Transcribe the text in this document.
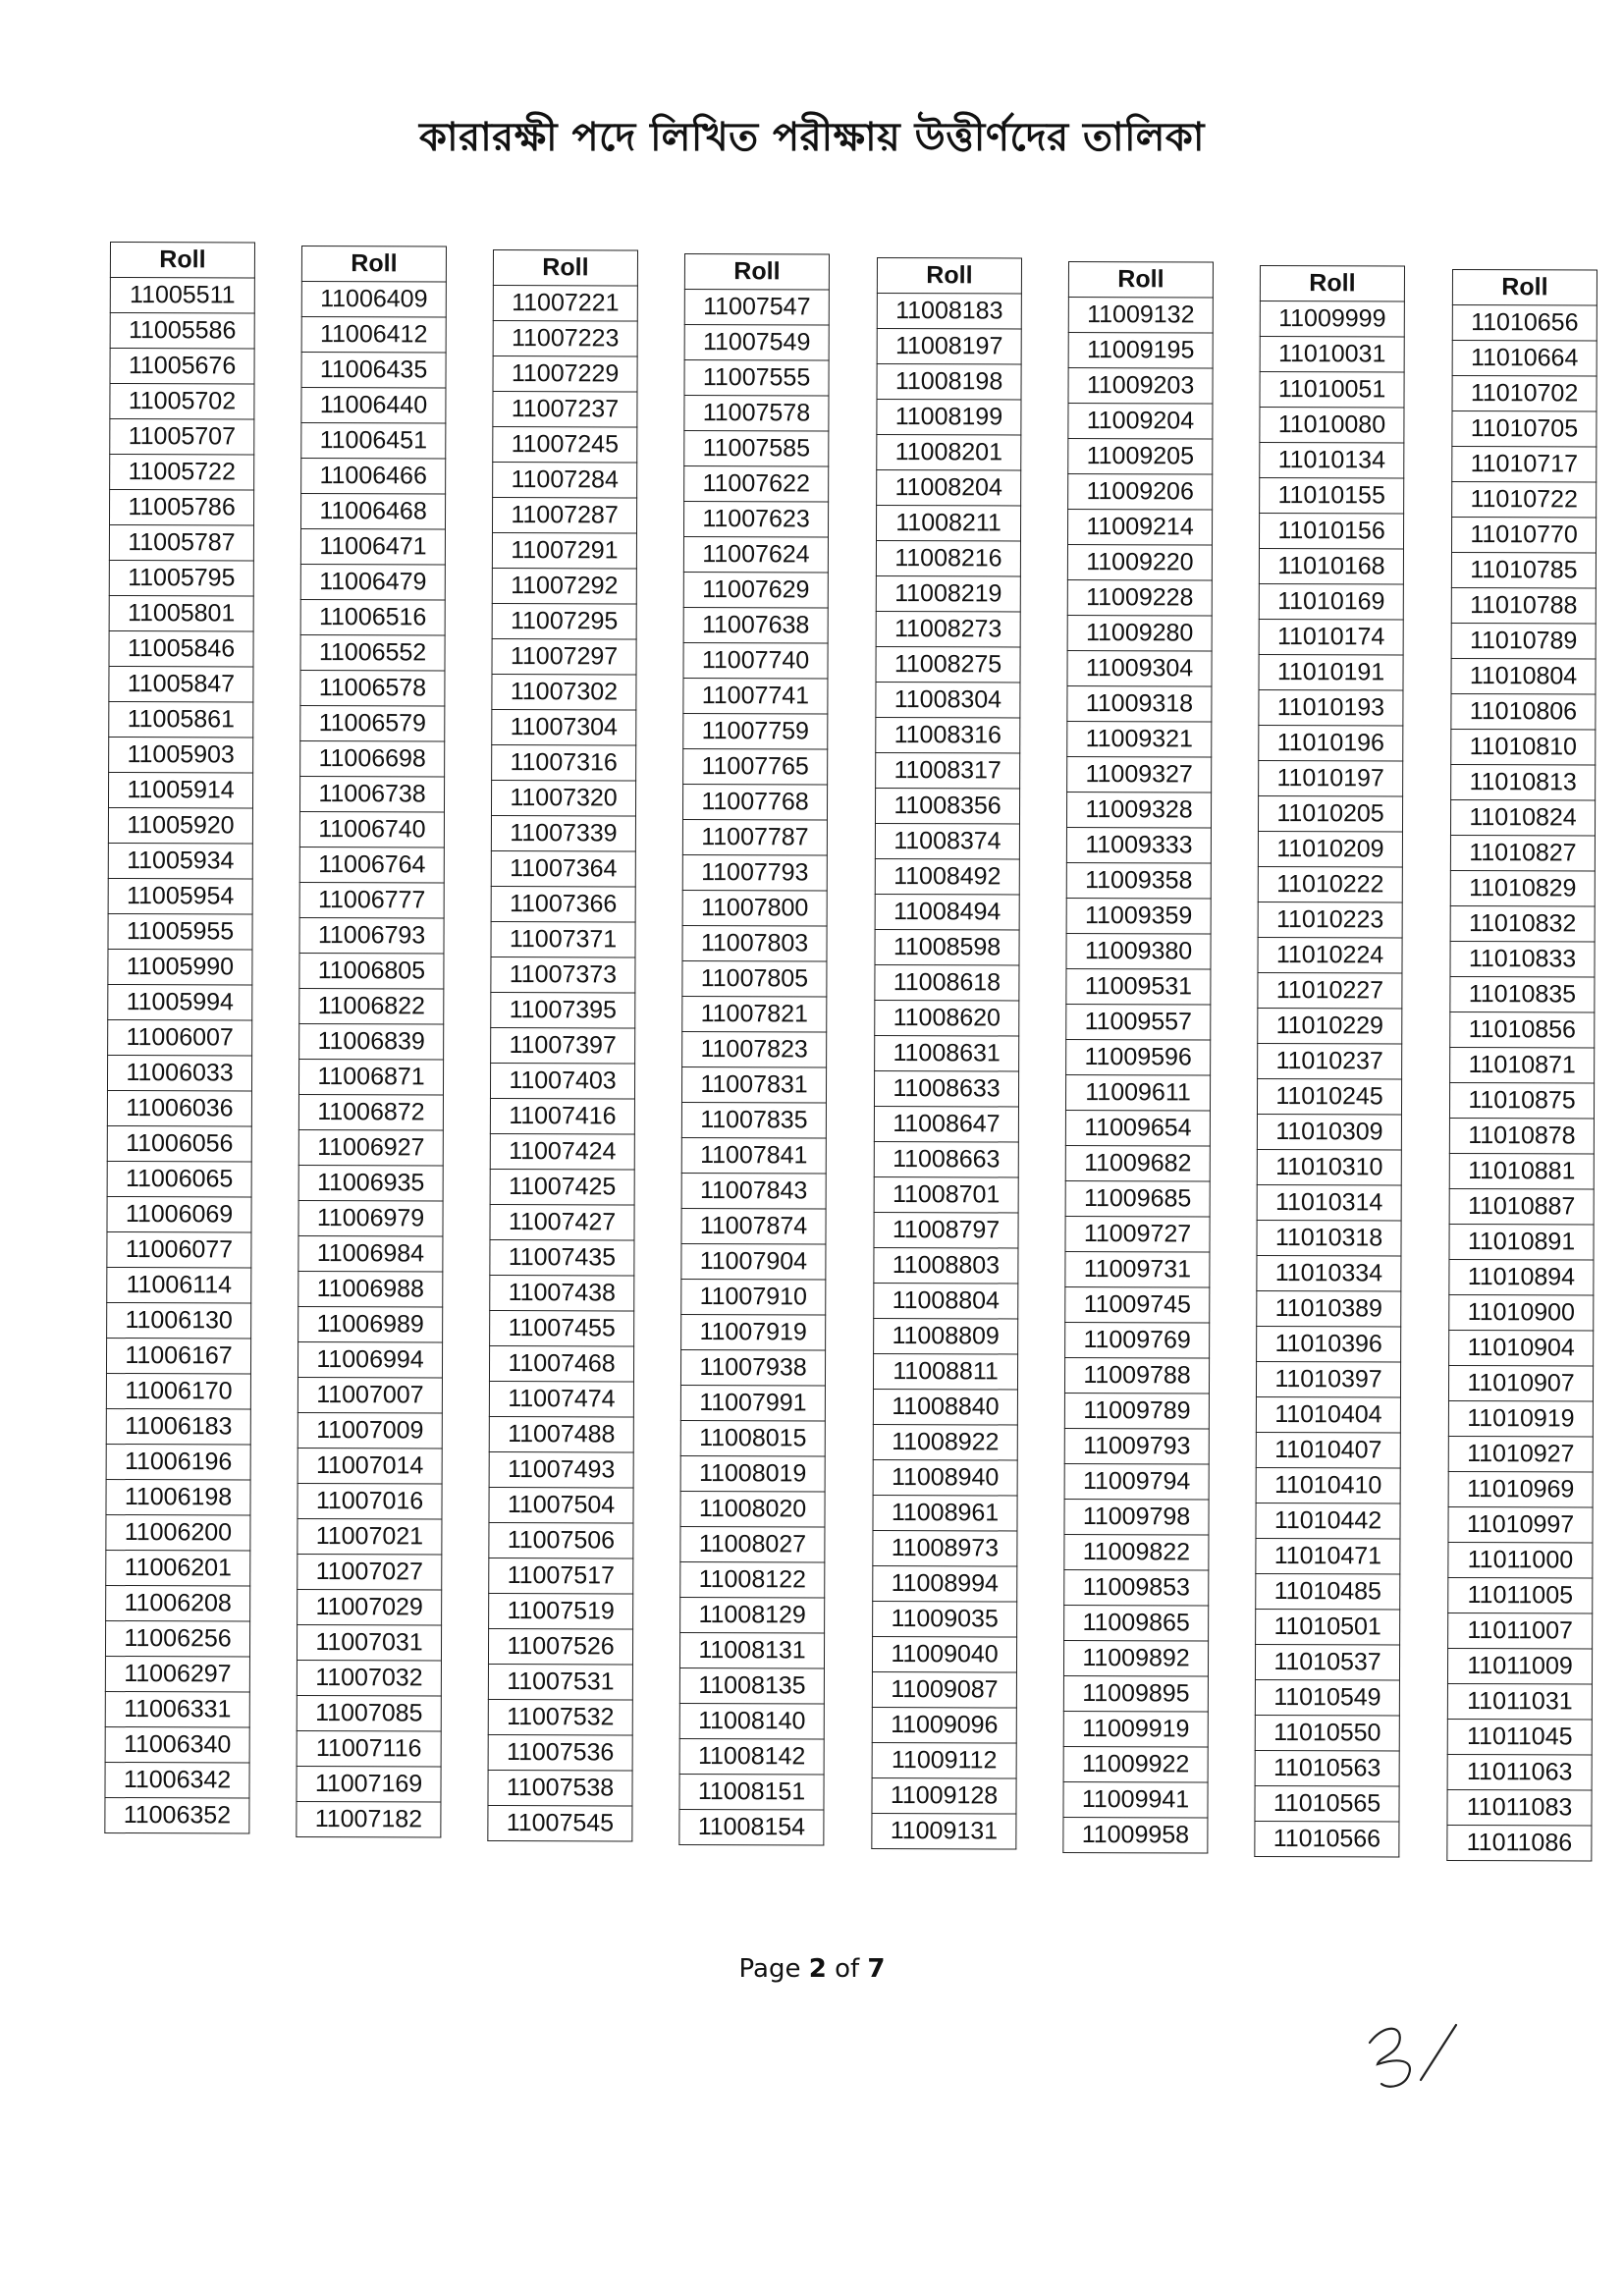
কারারক্ষী পদে লিখিত পরীক্ষায় উত্তীর্ণদের তালিকা
Roll
11005511
11005586
11005676
11005702
11005707
11005722
11005786
11005787
11005795
11005801
11005846
11005847
11005861
11005903
11005914
11005920
11005934
11005954
11005955
11005990
11005994
11006007
11006033
11006036
11006056
11006065
11006069
11006077
11006114
11006130
11006167
11006170
11006183
11006196
11006198
11006200
11006201
11006208
11006256
11006297
11006331
11006340
11006342
11006352
Roll
11006409
11006412
11006435
11006440
11006451
11006466
11006468
11006471
11006479
11006516
11006552
11006578
11006579
11006698
11006738
11006740
11006764
11006777
11006793
11006805
11006822
11006839
11006871
11006872
11006927
11006935
11006979
11006984
11006988
11006989
11006994
11007007
11007009
11007014
11007016
11007021
11007027
11007029
11007031
11007032
11007085
11007116
11007169
11007182
Roll
11007221
11007223
11007229
11007237
11007245
11007284
11007287
11007291
11007292
11007295
11007297
11007302
11007304
11007316
11007320
11007339
11007364
11007366
11007371
11007373
11007395
11007397
11007403
11007416
11007424
11007425
11007427
11007435
11007438
11007455
11007468
11007474
11007488
11007493
11007504
11007506
11007517
11007519
11007526
11007531
11007532
11007536
11007538
11007545
Roll
11007547
11007549
11007555
11007578
11007585
11007622
11007623
11007624
11007629
11007638
11007740
11007741
11007759
11007765
11007768
11007787
11007793
11007800
11007803
11007805
11007821
11007823
11007831
11007835
11007841
11007843
11007874
11007904
11007910
11007919
11007938
11007991
11008015
11008019
11008020
11008027
11008122
11008129
11008131
11008135
11008140
11008142
11008151
11008154
Roll
11008183
11008197
11008198
11008199
11008201
11008204
11008211
11008216
11008219
11008273
11008275
11008304
11008316
11008317
11008356
11008374
11008492
11008494
11008598
11008618
11008620
11008631
11008633
11008647
11008663
11008701
11008797
11008803
11008804
11008809
11008811
11008840
11008922
11008940
11008961
11008973
11008994
11009035
11009040
11009087
11009096
11009112
11009128
11009131
Roll
11009132
11009195
11009203
11009204
11009205
11009206
11009214
11009220
11009228
11009280
11009304
11009318
11009321
11009327
11009328
11009333
11009358
11009359
11009380
11009531
11009557
11009596
11009611
11009654
11009682
11009685
11009727
11009731
11009745
11009769
11009788
11009789
11009793
11009794
11009798
11009822
11009853
11009865
11009892
11009895
11009919
11009922
11009941
11009958
Roll
11009999
11010031
11010051
11010080
11010134
11010155
11010156
11010168
11010169
11010174
11010191
11010193
11010196
11010197
11010205
11010209
11010222
11010223
11010224
11010227
11010229
11010237
11010245
11010309
11010310
11010314
11010318
11010334
11010389
11010396
11010397
11010404
11010407
11010410
11010442
11010471
11010485
11010501
11010537
11010549
11010550
11010563
11010565
11010566
Roll
11010656
11010664
11010702
11010705
11010717
11010722
11010770
11010785
11010788
11010789
11010804
11010806
11010810
11010813
11010824
11010827
11010829
11010832
11010833
11010835
11010856
11010871
11010875
11010878
11010881
11010887
11010891
11010894
11010900
11010904
11010907
11010919
11010927
11010969
11010997
11011000
11011005
11011007
11011009
11011031
11011045
11011063
11011083
11011086
Page 2 of 7
